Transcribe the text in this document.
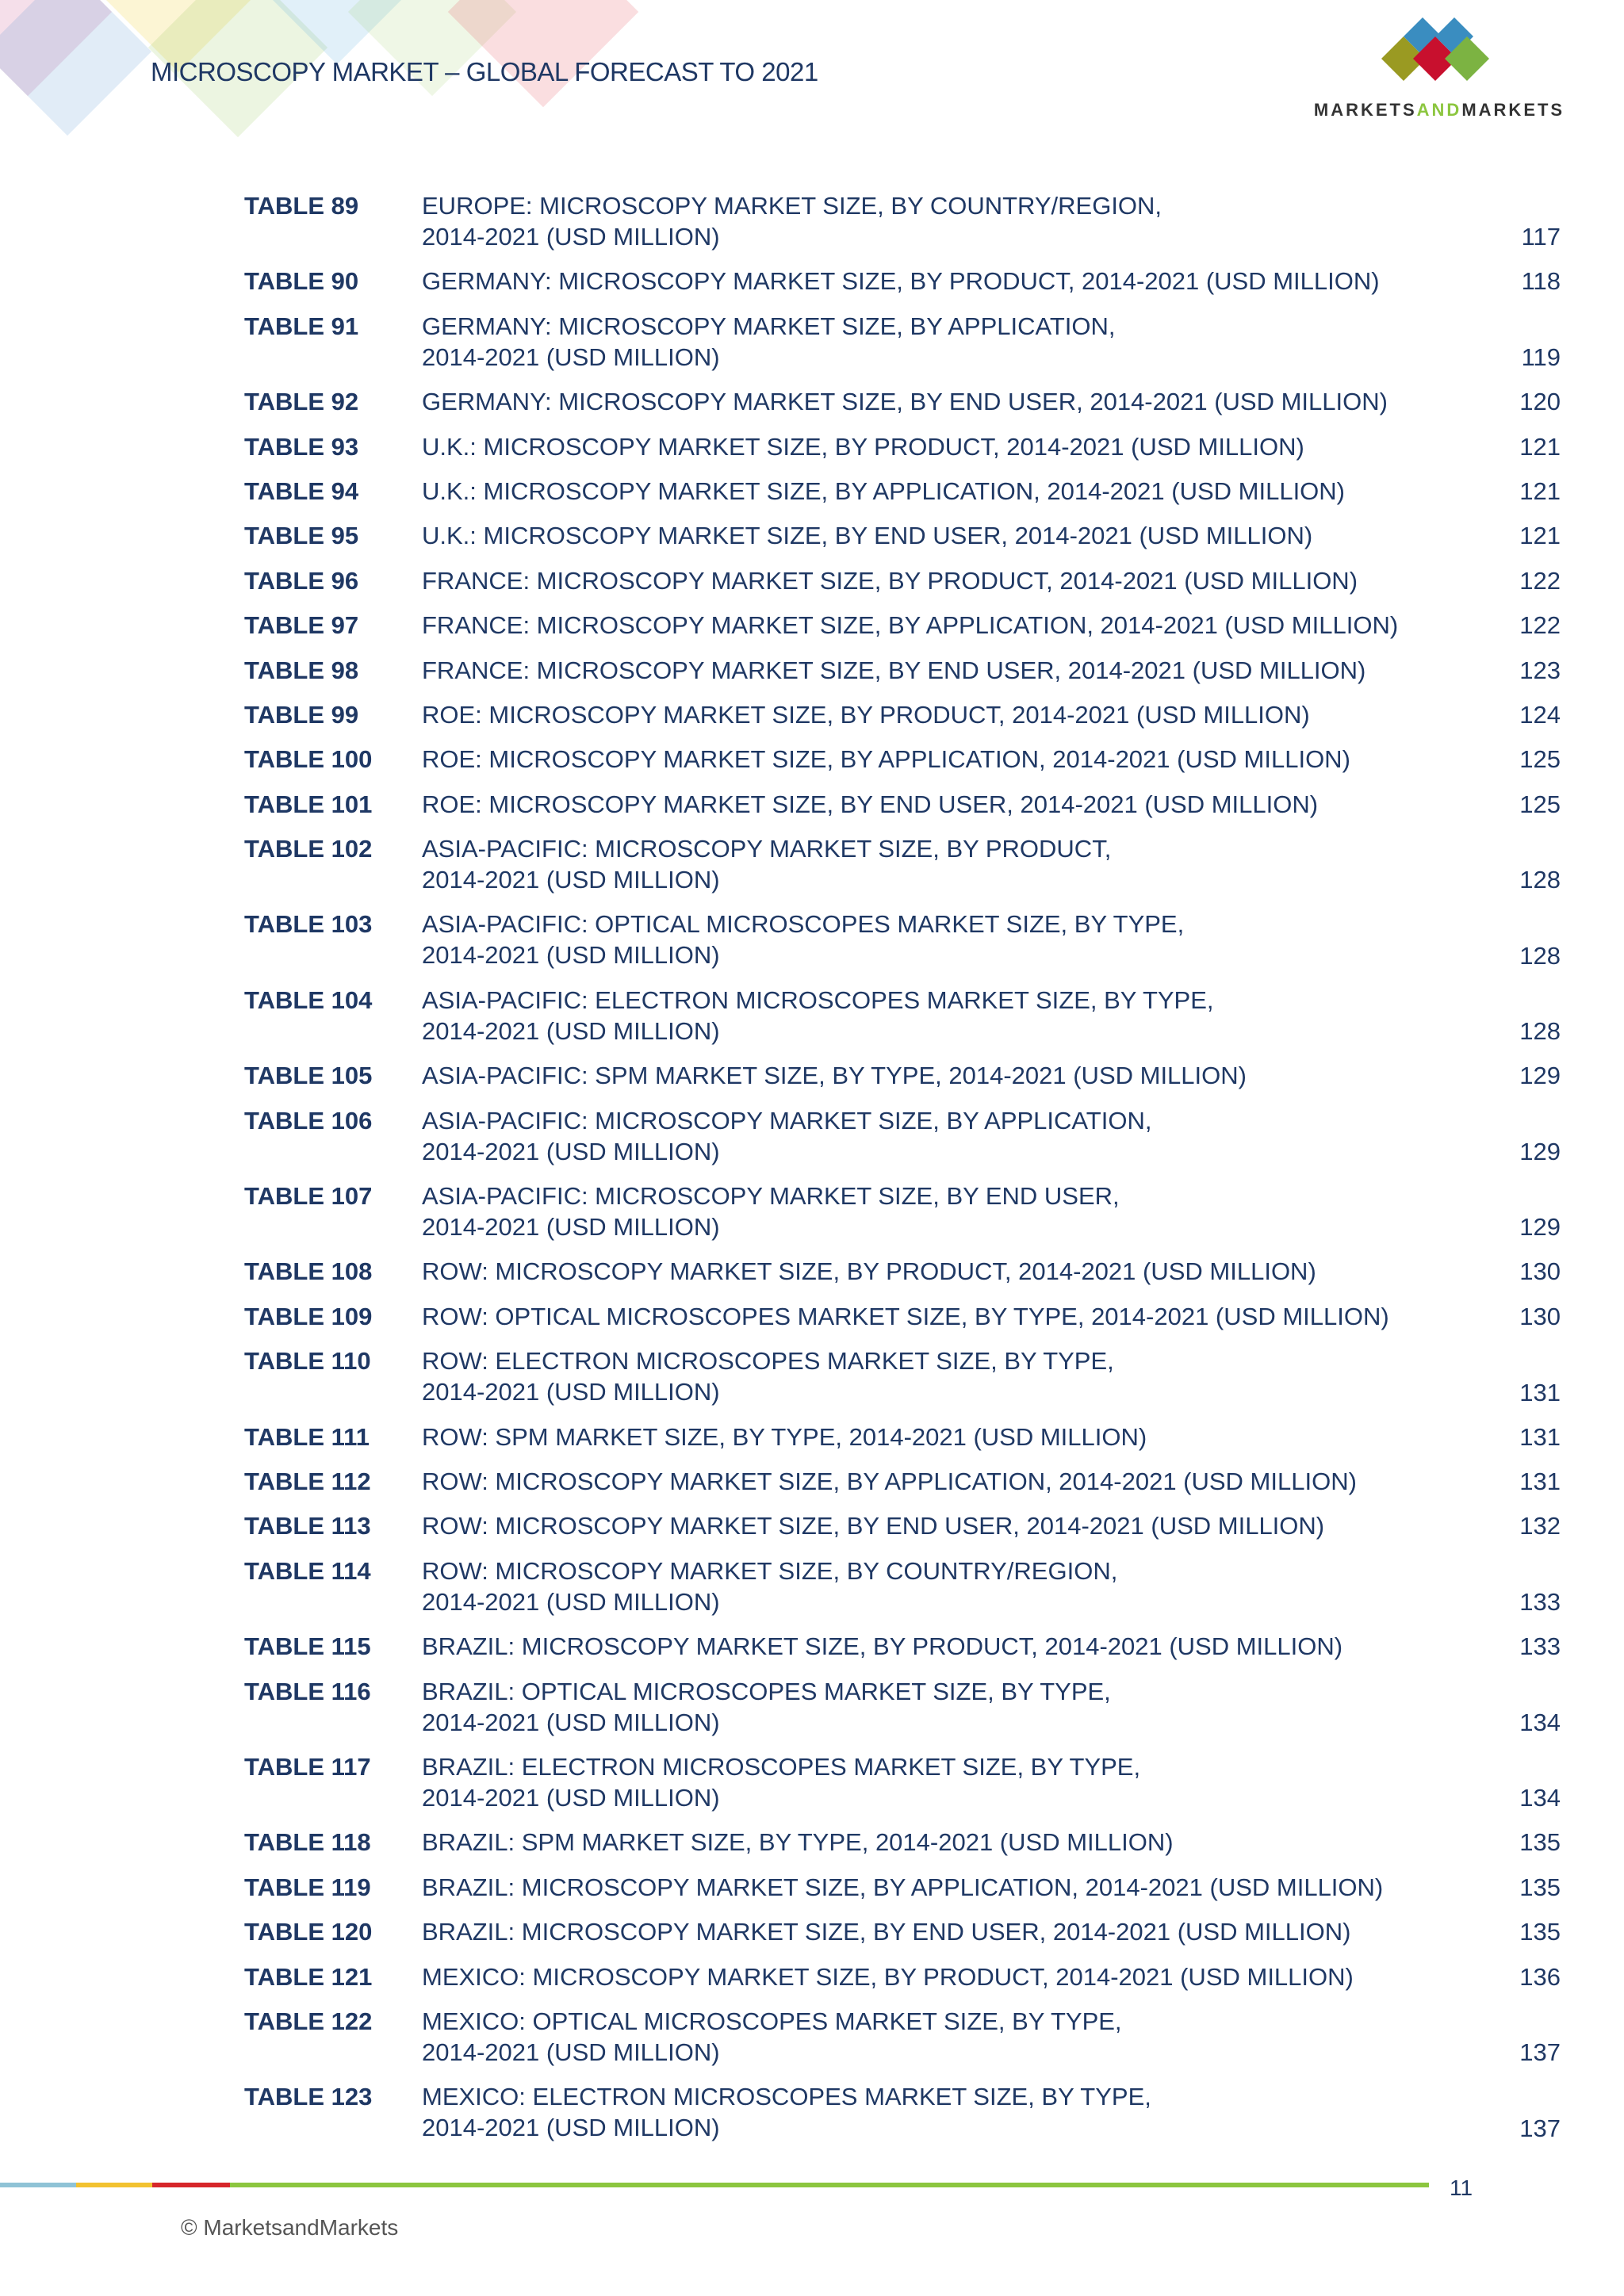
MICROSCOPY MARKET – GLOBAL FORECAST TO 2021
MARKETSANDMARKETS
TABLE 89	EUROPE: MICROSCOPY MARKET SIZE, BY COUNTRY/REGION,
2014-2021 (USD MILLION)	117
TABLE 90	GERMANY: MICROSCOPY MARKET SIZE, BY PRODUCT, 2014-2021 (USD MILLION)	118
TABLE 91	GERMANY: MICROSCOPY MARKET SIZE, BY APPLICATION,
2014-2021 (USD MILLION)	119
TABLE 92	GERMANY: MICROSCOPY MARKET SIZE, BY END USER, 2014-2021 (USD MILLION)	120
TABLE 93	U.K.: MICROSCOPY MARKET SIZE, BY PRODUCT, 2014-2021 (USD MILLION)	121
TABLE 94	U.K.: MICROSCOPY MARKET SIZE, BY APPLICATION, 2014-2021 (USD MILLION)	121
TABLE 95	U.K.: MICROSCOPY MARKET SIZE, BY END USER, 2014-2021 (USD MILLION)	121
TABLE 96	FRANCE: MICROSCOPY MARKET SIZE, BY PRODUCT, 2014-2021 (USD MILLION)	122
TABLE 97	FRANCE: MICROSCOPY MARKET SIZE, BY APPLICATION, 2014-2021 (USD MILLION)	122
TABLE 98	FRANCE: MICROSCOPY MARKET SIZE, BY END USER, 2014-2021 (USD MILLION)	123
TABLE 99	ROE: MICROSCOPY MARKET SIZE, BY PRODUCT, 2014-2021 (USD MILLION)	124
TABLE 100	ROE: MICROSCOPY MARKET SIZE, BY APPLICATION, 2014-2021 (USD MILLION)	125
TABLE 101	ROE: MICROSCOPY MARKET SIZE, BY END USER, 2014-2021 (USD MILLION)	125
TABLE 102	ASIA-PACIFIC: MICROSCOPY MARKET SIZE, BY PRODUCT,
2014-2021 (USD MILLION)	128
TABLE 103	ASIA-PACIFIC: OPTICAL MICROSCOPES MARKET SIZE, BY TYPE,
2014-2021 (USD MILLION)	128
TABLE 104	ASIA-PACIFIC: ELECTRON MICROSCOPES MARKET SIZE, BY TYPE,
2014-2021 (USD MILLION)	128
TABLE 105	ASIA-PACIFIC: SPM MARKET SIZE, BY TYPE, 2014-2021 (USD MILLION)	129
TABLE 106	ASIA-PACIFIC: MICROSCOPY MARKET SIZE, BY APPLICATION,
2014-2021 (USD MILLION)	129
TABLE 107	ASIA-PACIFIC: MICROSCOPY MARKET SIZE, BY END USER,
2014-2021 (USD MILLION)	129
TABLE 108	ROW: MICROSCOPY MARKET SIZE, BY PRODUCT, 2014-2021 (USD MILLION)	130
TABLE 109	ROW: OPTICAL MICROSCOPES MARKET SIZE, BY TYPE, 2014-2021 (USD MILLION)	130
TABLE 110	ROW: ELECTRON MICROSCOPES MARKET SIZE, BY TYPE,
2014-2021 (USD MILLION)	131
TABLE 111	ROW: SPM MARKET SIZE, BY TYPE, 2014-2021 (USD MILLION)	131
TABLE 112	ROW: MICROSCOPY MARKET SIZE, BY APPLICATION, 2014-2021 (USD MILLION)	131
TABLE 113	ROW: MICROSCOPY MARKET SIZE, BY END USER, 2014-2021 (USD MILLION)	132
TABLE 114	ROW: MICROSCOPY MARKET SIZE, BY COUNTRY/REGION,
2014-2021 (USD MILLION)	133
TABLE 115	BRAZIL: MICROSCOPY MARKET SIZE, BY PRODUCT, 2014-2021 (USD MILLION)	133
TABLE 116	BRAZIL: OPTICAL MICROSCOPES MARKET SIZE, BY TYPE,
2014-2021 (USD MILLION)	134
TABLE 117	BRAZIL: ELECTRON MICROSCOPES MARKET SIZE, BY TYPE,
2014-2021 (USD MILLION)	134
TABLE 118	BRAZIL: SPM MARKET SIZE, BY TYPE, 2014-2021 (USD MILLION)	135
TABLE 119	BRAZIL: MICROSCOPY MARKET SIZE, BY APPLICATION, 2014-2021 (USD MILLION)	135
TABLE 120	BRAZIL: MICROSCOPY MARKET SIZE, BY END USER, 2014-2021 (USD MILLION)	135
TABLE 121	MEXICO: MICROSCOPY MARKET SIZE, BY PRODUCT, 2014-2021 (USD MILLION)	136
TABLE 122	MEXICO: OPTICAL MICROSCOPES MARKET SIZE, BY TYPE,
2014-2021 (USD MILLION)	137
TABLE 123	MEXICO: ELECTRON MICROSCOPES MARKET SIZE, BY TYPE,
2014-2021 (USD MILLION)	137
11
© MarketsandMarkets
